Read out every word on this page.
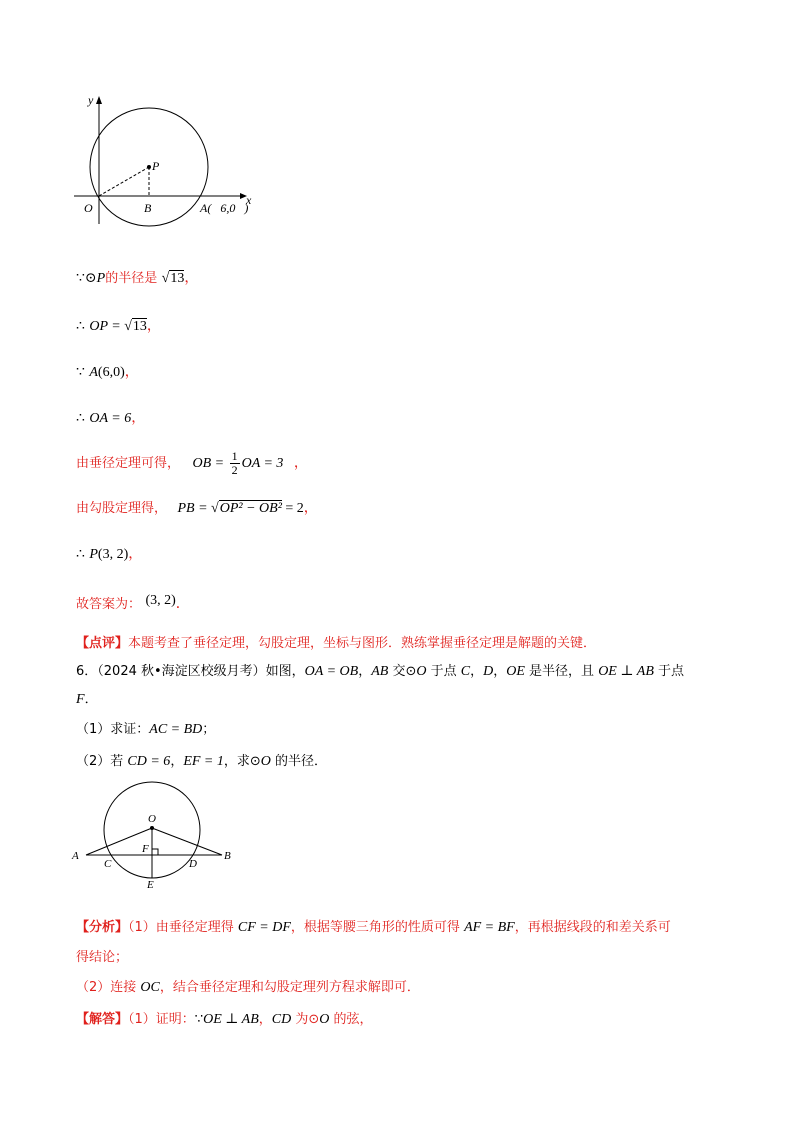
x
y
O
P
B	A(   6,0   )
∵⊙P的半径是 √13，
∴ OP = √13，
∵ A(6,0)，
∴ OA = 6，
由垂径定理可得， OB = $\frac{1}{2}$ OA = 3 ，
由勾股定理得， PB = √OP² − OB² = 2，
∴ P(3, 2)，
故答案为： (3, 2)．
【点评】本题考查了垂径定理，勾股定理，坐标与图形．熟练掌握垂径定理是解题的关键．
6．（2024 秋•海淀区校级月考）如图，OA = OB，AB 交⊙O 于点 C，D，OE 是半径，且 OE ⊥ AB 于点
F．
（1）求证：AC = BD；
（2）若 CD = 6，EF = 1，求⊙O 的半径．
O
A	B
C	D
E
F
【分析】（1）由垂径定理得 CF = DF，根据等腰三角形的性质可得 AF = BF，再根据线段的和差关系可
得结论；
（2）连接 OC，结合垂径定理和勾股定理列方程求解即可．
【解答】（1）证明：∵OE ⊥ AB，CD 为⊙O 的弦，
